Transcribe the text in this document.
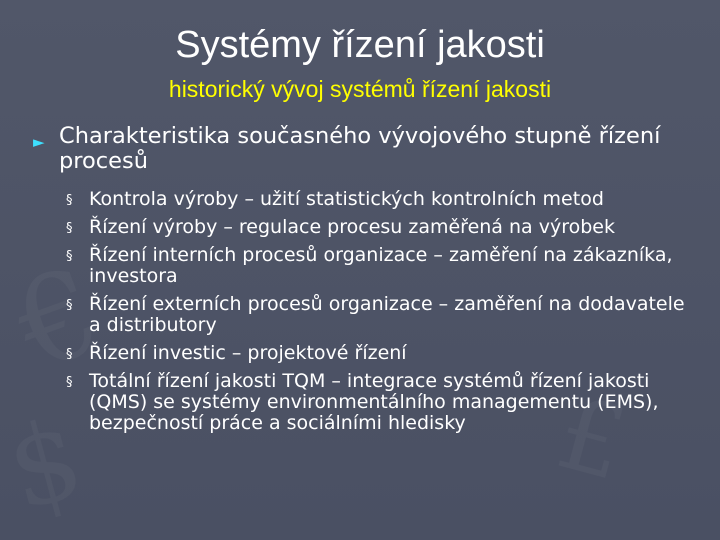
Systémy řízení jakosti
historický vývoj systémů řízení jakosti
► Charakteristika současného vývojového stupně řízení procesů
§ Kontrola výroby – užití statistických kontrolních metod
§ Řízení výroby – regulace procesu zaměřená na výrobek
§ Řízení interních procesů organizace – zaměření na zákazníka, investora
§ Řízení externích procesů organizace – zaměření na dodavatele a distributory
§ Řízení investic – projektové řízení
§ Totální řízení jakosti TQM – integrace systémů řízení jakosti (QMS) se systémy environmentálního managementu (EMS), bezpečností práce a sociálními hledisky
